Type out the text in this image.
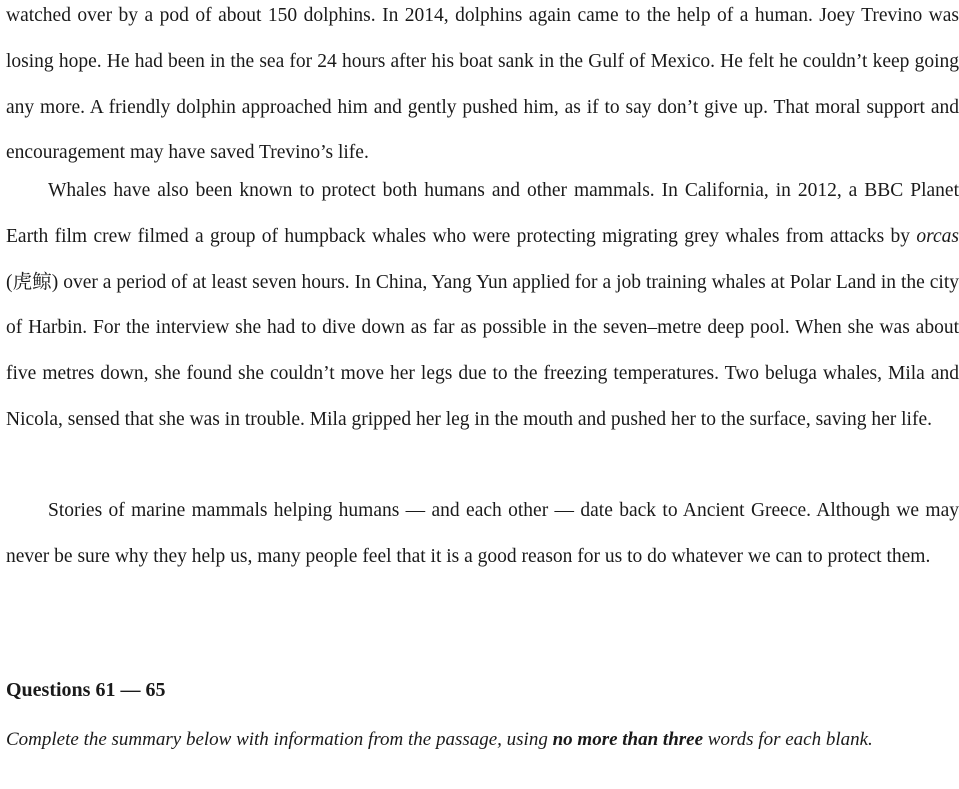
watched over by a pod of about 150 dolphins. In 2014, dolphins again came to the help of a human. Joey Trevino was losing hope. He had been in the sea for 24 hours after his boat sank in the Gulf of Mexico. He felt he couldn’t keep going any more. A friendly dolphin approached him and gently pushed him, as if to say don’t give up. That moral support and encouragement may have saved Trevino’s life.

Whales have also been known to protect both humans and other mammals. In California, in 2012, a BBC Planet Earth film crew filmed a group of humpback whales who were protecting migrating grey whales from attacks by orcas (虎鲸) over a period of at least seven hours. In China, Yang Yun applied for a job training whales at Polar Land in the city of Harbin. For the interview she had to dive down as far as possible in the seven–metre deep pool. When she was about five metres down, she found she couldn’t move her legs due to the freezing temperatures. Two beluga whales, Mila and Nicola, sensed that she was in trouble. Mila gripped her leg in the mouth and pushed her to the surface, saving her life.

Stories of marine mammals helping humans — and each other — date back to Ancient Greece. Although we may never be sure why they help us, many people feel that it is a good reason for us to do whatever we can to protect them.

Questions 61 — 65

Complete the summary below with information from the passage, using no more than three words for each blank.
